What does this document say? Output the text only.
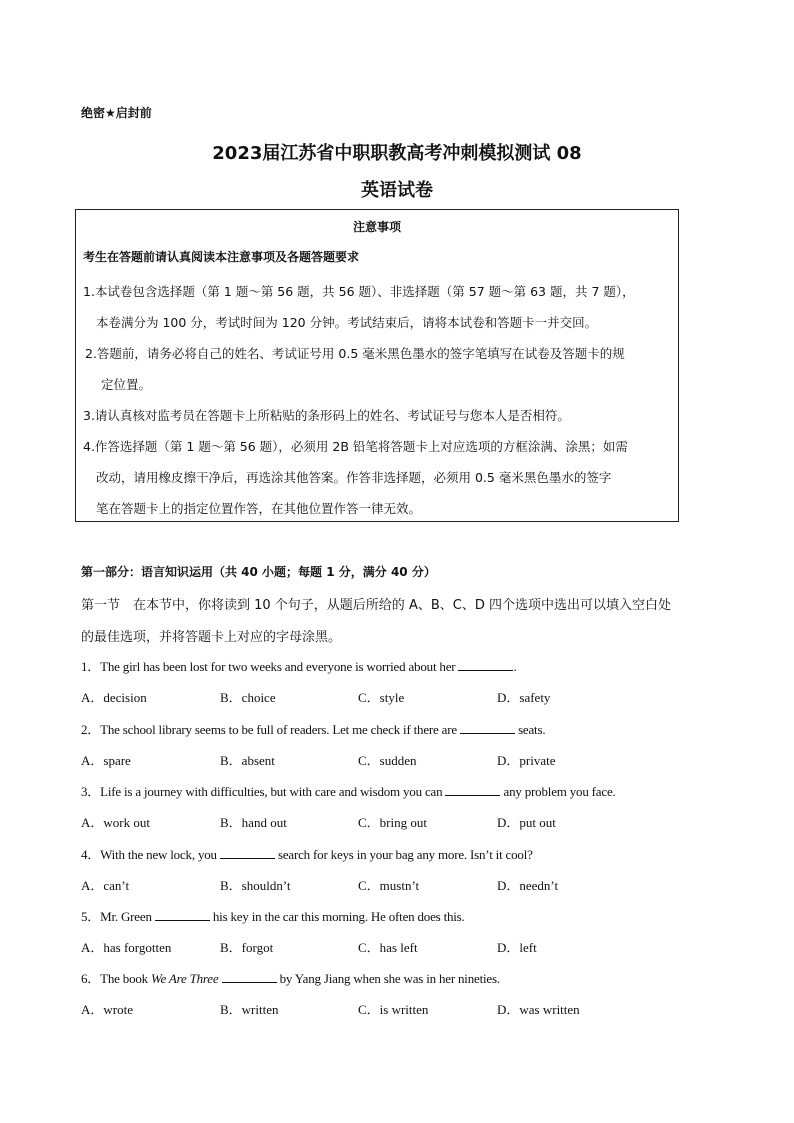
绝密★启封前
2023届江苏省中职职教高考冲刺模拟测试 08
英语试卷
注意事项
考生在答题前请认真阅读本注意事项及各题答题要求
1.本试卷包含选择题（第 1 题～第 56 题，共 56 题）、非选择题（第 57 题～第 63 题，共 7 题），
本卷满分为 100 分，考试时间为 120 分钟。考试结束后，请将本试卷和答题卡一并交回。
2.答题前，请务必将自己的姓名、考试证号用 0.5 毫米黑色墨水的签字笔填写在试卷及答题卡的规
定位置。
3.请认真核对监考员在答题卡上所粘贴的条形码上的姓名、考试证号与您本人是否相符。
4.作答选择题（第 1 题～第 56 题），必须用 2B 铅笔将答题卡上对应选项的方框涂满、涂黑；如需
改动，请用橡皮擦干净后，再选涂其他答案。作答非选择题，必须用 0.5 毫米黑色墨水的签字
笔在答题卡上的指定位置作答，在其他位置作答一律无效。
第一部分：语言知识运用（共 40 小题；每题 1 分，满分 40 分）
第一节　在本节中，你将读到 10 个句子，从题后所给的 A、B、C、D 四个选项中选出可以填入空白处
的最佳选项，并将答题卡上对应的字母涂黑。
1．The girl has been lost for two weeks and everyone is worried about her	.
A．decision	B．choice	C．style	D．safety
2．The school library seems to be full of readers. Let me check if there are	seats.
A．spare	B．absent	C．sudden	D．private
3．Life is a journey with difficulties, but with care and wisdom you can	any problem you face.
A．work out	B．hand out	C．bring out	D．put out
4．With the new lock, you	search for keys in your bag any more. Isn’t it cool?
A．can’t	B．shouldn’t	C．mustn’t	D．needn’t
5．Mr. Green	his key in the car this morning. He often does this.
A．has forgotten	B．forgot	C．has left	D．left
6．The book We Are Three	by Yang Jiang when she was in her nineties.
A．wrote	B．written	C．is written	D．was written
